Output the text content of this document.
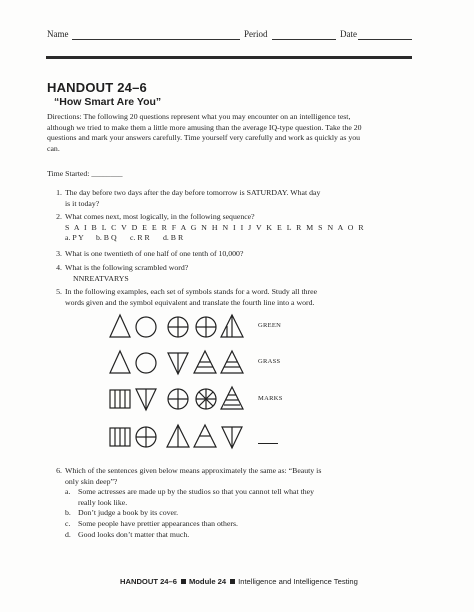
Name	Period	Date
HANDOUT 24–6
“How Smart Are You”
Directions: The following 20 questions represent what you may encounter on an intelligence test, although we tried to make them a little more amusing than the average IQ-type question. Take the 20 questions and mark your answers carefully. Time yourself very carefully and work as quickly as you can.
Time Started: ________
1. The day before two days after the day before tomorrow is SATURDAY. What day
is it today?
2. What comes next, most logically, in the following sequence?
S A I B L C V D E E R F A G N H N I I J V K E L R M S N A O R
a. P Y b. B Q c. R R d. B R
3. What is one twentieth of one half of one tenth of 10,000?
4. What is the following scrambled word?
NNREATVARYS
5. In the following examples, each set of symbols stands for a word. Study all three
words given and the symbol equivalent and translate the fourth line into a word.
GREEN
GRASS
MARKS
6. Which of the sentences given below means approximately the same as: “Beauty is
only skin deep”?
a. Some actresses are made up by the studios so that you cannot tell what they
really look like.
b. Don’t judge a book by its cover.
c. Some people have prettier appearances than others.
d. Good looks don’t matter that much.
HANDOUT 24–6 Module 24 Intelligence and Intelligence Testing
